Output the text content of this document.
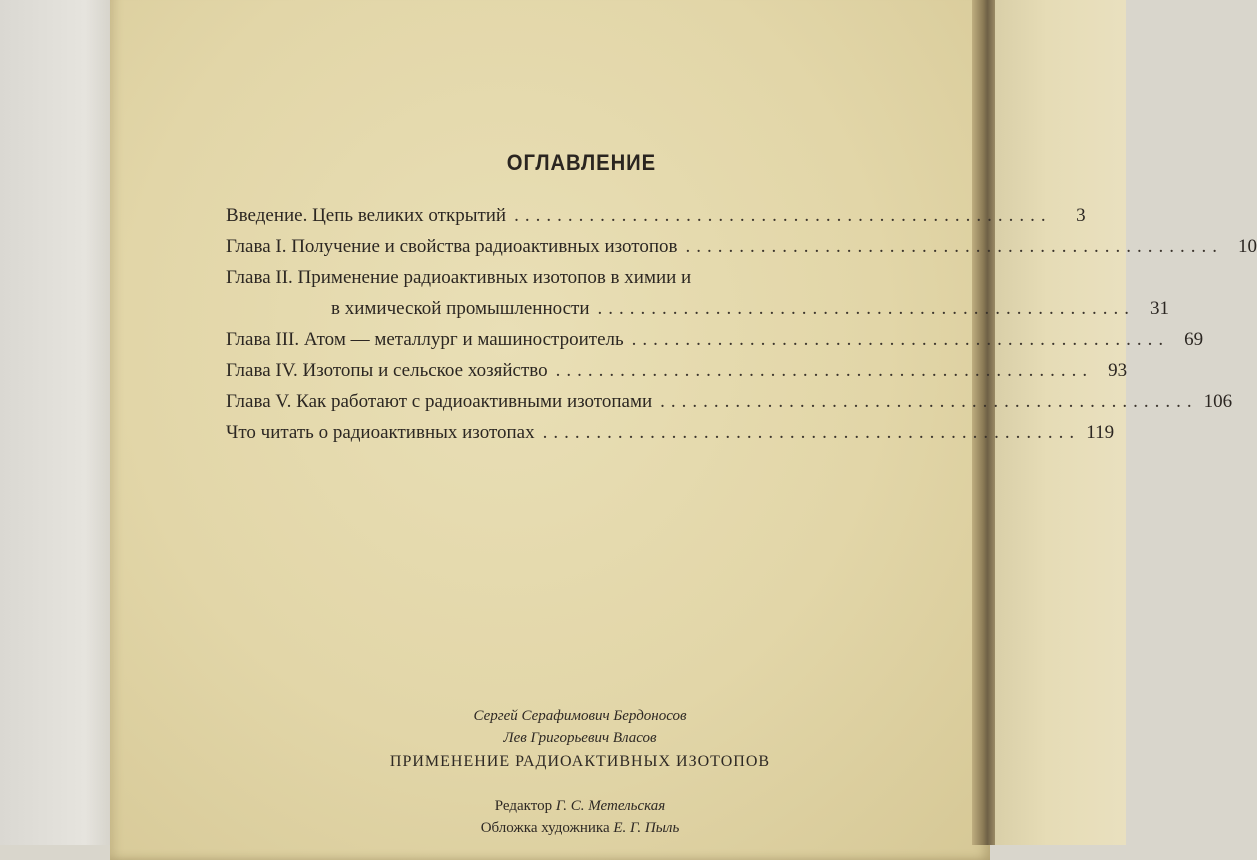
ОГЛАВЛЕНИЕ
Введение. Цепь великих открытий ..................................................	3
Глава I. Получение и свойства радиоактивных изотопов .................................................. 10
Глава II. Применение радиоактивных изотопов в химии и
в химической промышленности .................................................. 31
Глава III. Атом — металлург и машиностроитель .................................................. 69
Глава IV. Изотопы и сельское хозяйство .................................................. 93
Глава V. Как работают с радиоактивными изотопами .................................................. 106
Что читать о радиоактивных изотопах .................................................. 119
Сергей Серафимович Бердоносов
Лев Григорьевич Власов
ПРИМЕНЕНИЕ РАДИОАКТИВНЫХ ИЗОТОПОВ
Редактор Г. С. Метельская
Обложка художника Е. Г. Пыль
